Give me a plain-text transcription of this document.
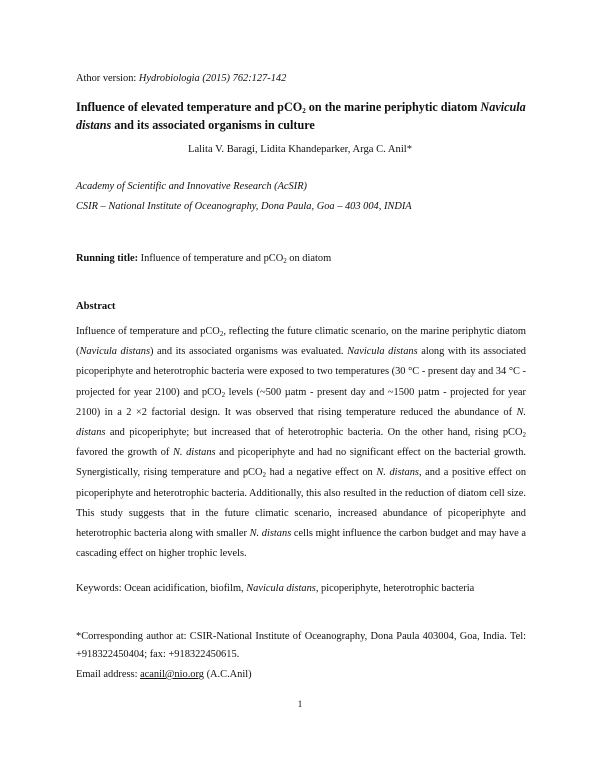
Athor version: Hydrobiologia (2015) 762:127-142
Influence of elevated temperature and pCO$_2$ on the marine periphytic diatom Navicula distans and its associated organisms in culture
Lalita V. Baragi, Lidita Khandeparker, Arga C. Anil*
Academy of Scientific and Innovative Research (AcSIR)
CSIR – National Institute of Oceanography, Dona Paula, Goa – 403 004, INDIA
Running title: Influence of temperature and pCO$_2$ on diatom
Abstract
Influence of temperature and pCO$_2$, reflecting the future climatic scenario, on the marine periphytic diatom (Navicula distans) and its associated organisms was evaluated. Navicula distans along with its associated picoperiphyte and heterotrophic bacteria were exposed to two temperatures (30 °C - present day and 34 °C - projected for year 2100) and pCO$_2$ levels (~500 µatm - present day and ~1500 µatm - projected for year 2100) in a 2 ×2 factorial design. It was observed that rising temperature reduced the abundance of N. distans and picoperiphyte; but increased that of heterotrophic bacteria. On the other hand, rising pCO$_2$ favored the growth of N. distans and picoperiphyte and had no significant effect on the bacterial growth. Synergistically, rising temperature and pCO$_2$ had a negative effect on N. distans, and a positive effect on picoperiphyte and heterotrophic bacteria. Additionally, this also resulted in the reduction of diatom cell size. This study suggests that in the future climatic scenario, increased abundance of picoperiphyte and heterotrophic bacteria along with smaller N. distans cells might influence the carbon budget and may have a cascading effect on higher trophic levels.
Keywords: Ocean acidification, biofilm, Navicula distans, picoperiphyte, heterotrophic bacteria
*Corresponding author at: CSIR-National Institute of Oceanography, Dona Paula 403004, Goa, India. Tel: +918322450404; fax: +918322450615.
Email address: acanil@nio.org (A.C.Anil)
1
